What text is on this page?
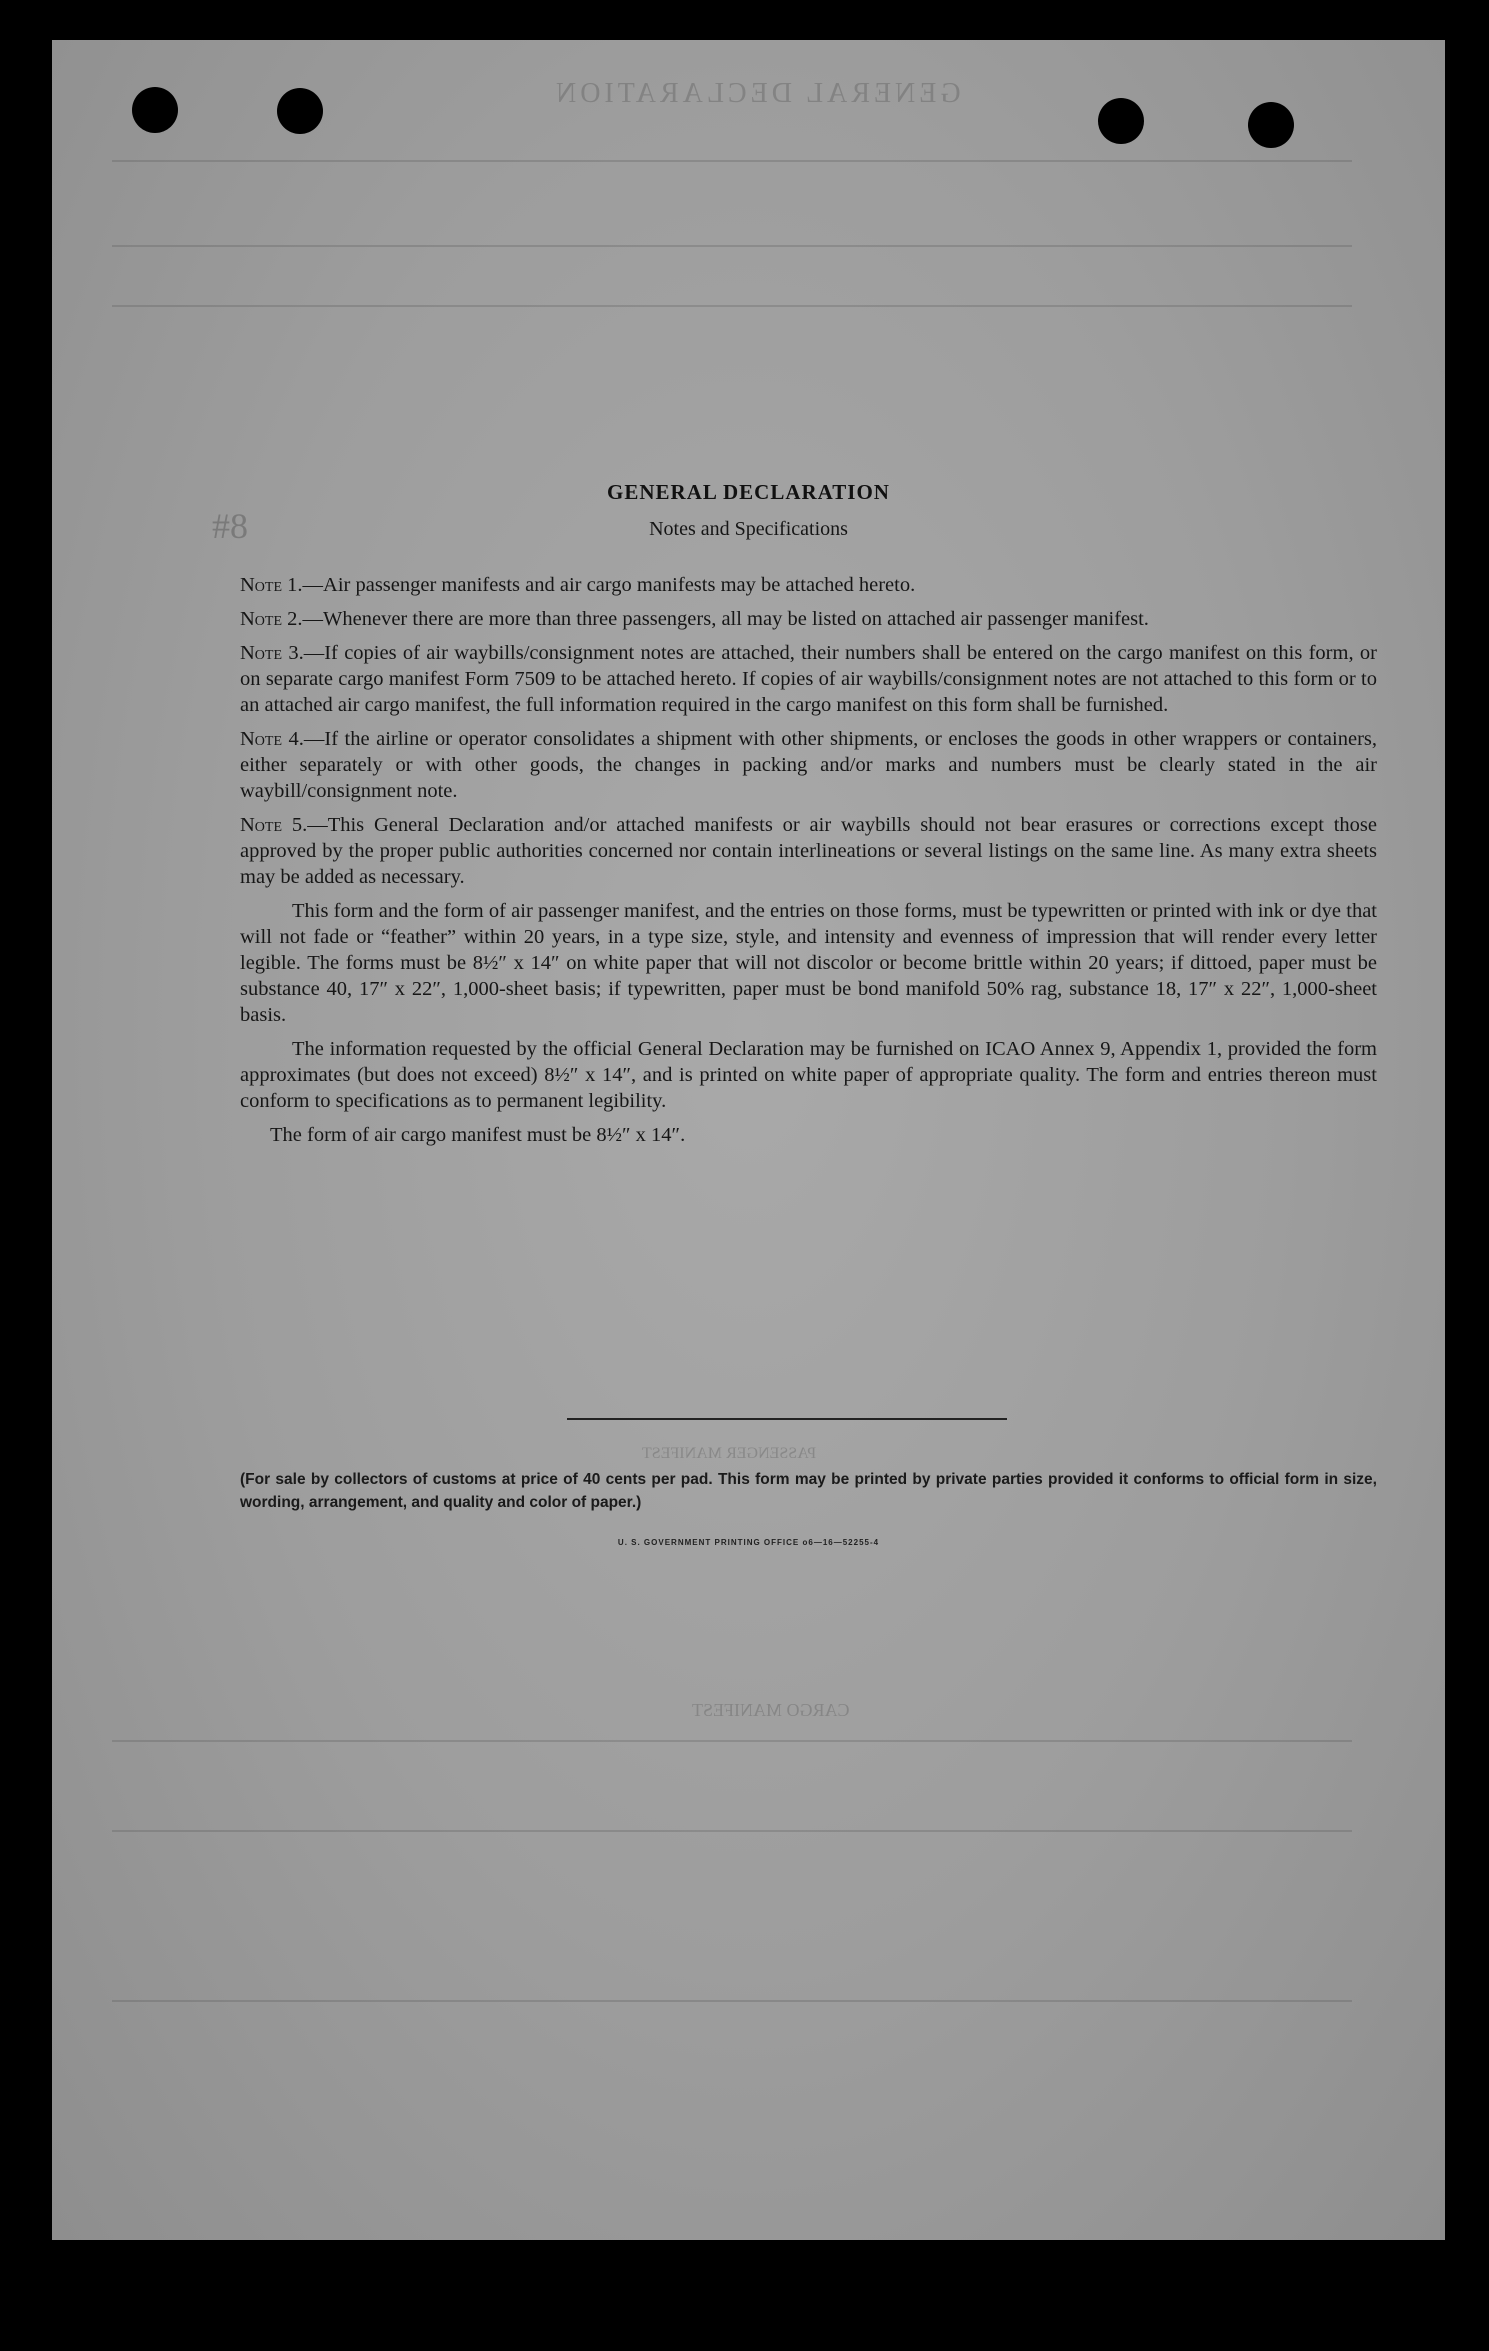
GENERAL DECLARATION
PASSENGER MANIFEST
CARGO MANIFEST
#8
GENERAL DECLARATION
Notes and Specifications

Note 1.—Air passenger manifests and air cargo manifests may be attached hereto.

Note 2.—Whenever there are more than three passengers, all may be listed on attached air passenger manifest.

Note 3.—If copies of air waybills/consignment notes are attached, their numbers shall be entered on the cargo manifest on this form, or on separate cargo manifest Form 7509 to be attached hereto. If copies of air waybills/consignment notes are not attached to this form or to an attached air cargo manifest, the full information required in the cargo manifest on this form shall be furnished.

Note 4.—If the airline or operator consolidates a shipment with other shipments, or encloses the goods in other wrappers or containers, either separately or with other goods, the changes in packing and/or marks and numbers must be clearly stated in the air waybill/consignment note.

Note 5.—This General Declaration and/or attached manifests or air waybills should not bear erasures or corrections except those approved by the proper public authorities concerned nor contain interlineations or several listings on the same line. As many extra sheets may be added as necessary.

This form and the form of air passenger manifest, and the entries on those forms, must be typewritten or printed with ink or dye that will not fade or “feather” within 20 years, in a type size, style, and intensity and evenness of impression that will render every letter legible. The forms must be 8½″ x 14″ on white paper that will not discolor or become brittle within 20 years; if dittoed, paper must be substance 40, 17″ x 22″, 1,000-sheet basis; if typewritten, paper must be bond manifold 50% rag, substance 18, 17″ x 22″, 1,000-sheet basis.

The information requested by the official General Declaration may be furnished on ICAO Annex 9, Appendix 1, provided the form approximates (but does not exceed) 8½″ x 14″, and is printed on white paper of appropriate quality. The form and entries thereon must conform to specifications as to permanent legibility.

The form of air cargo manifest must be 8½″ x 14″.

(For sale by collectors of customs at price of 40 cents per pad. This form may be printed by private parties provided it conforms to official form in size, wording, arrangement, and quality and color of paper.)
U. S. GOVERNMENT PRINTING OFFICE o6—16—52255-4
